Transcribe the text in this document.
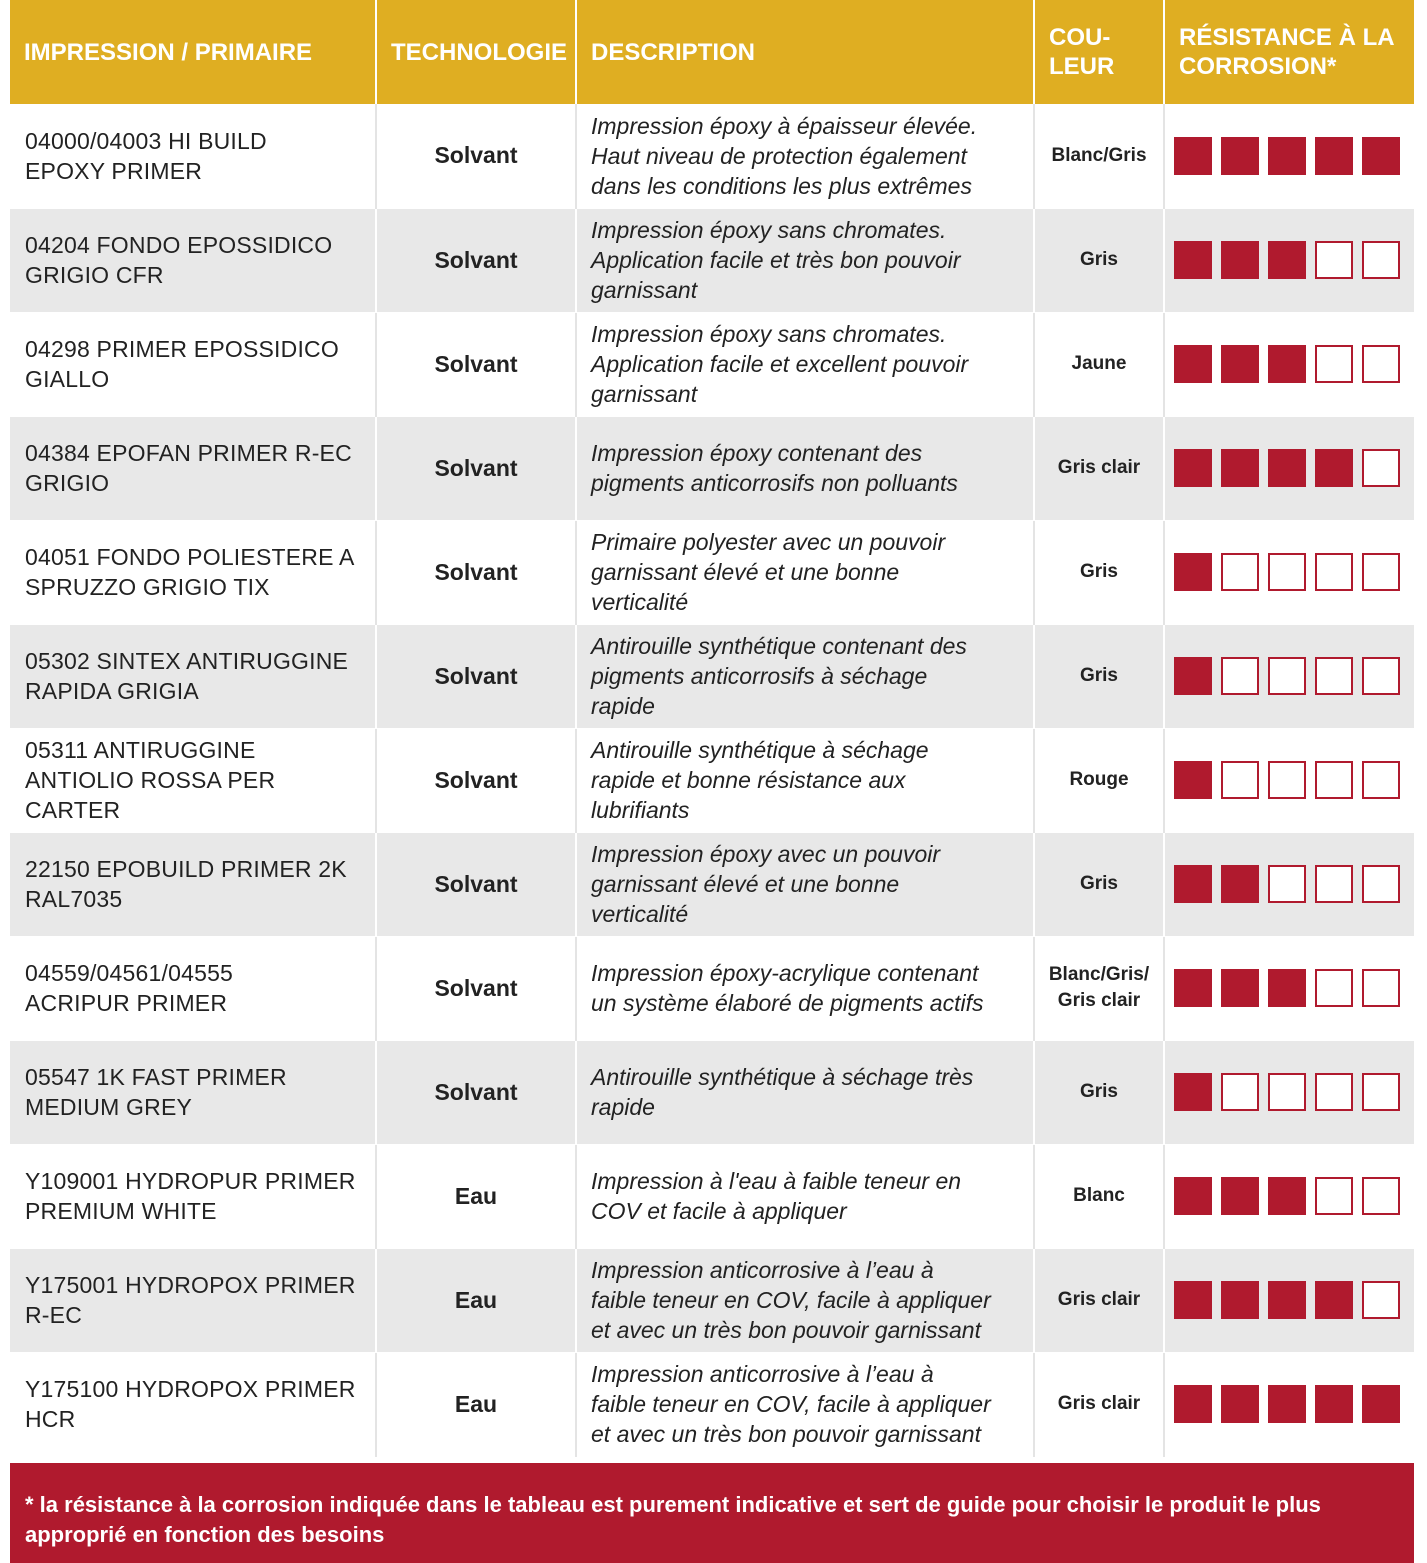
IMPRESSION / PRIMAIRE	TECHNOLOGIE	DESCRIPTION	COU-
LEUR	RÉSISTANCE À LA
CORROSION*
04000/04003 HI BUILD
EPOXY PRIMER	Solvant	Impression époxy à épaisseur élevée.
Haut niveau de protection également
dans les conditions les plus extrêmes	Blanc/Gris	

04204 FONDO EPOSSIDICO
GRIGIO CFR	Solvant	Impression époxy sans chromates.
Application facile et très bon pouvoir
garnissant	Gris	

04298 PRIMER EPOSSIDICO
GIALLO	Solvant	Impression époxy sans chromates.
Application facile et excellent pouvoir
garnissant	Jaune	

04384 EPOFAN PRIMER R-EC
GRIGIO	Solvant	Impression époxy contenant des
pigments anticorrosifs non polluants	Gris clair	

04051 FONDO POLIESTERE A
SPRUZZO GRIGIO TIX	Solvant	Primaire polyester avec un pouvoir
garnissant élevé et une bonne
verticalité	Gris	

05302 SINTEX ANTIRUGGINE
RAPIDA GRIGIA	Solvant	Antirouille synthétique contenant des
pigments anticorrosifs à séchage
rapide	Gris	

05311 ANTIRUGGINE
ANTIOLIO ROSSA PER
CARTER	Solvant	Antirouille synthétique à séchage
rapide et bonne résistance aux
lubrifiants	Rouge	

22150 EPOBUILD PRIMER 2K
RAL7035	Solvant	Impression époxy avec un pouvoir
garnissant élevé et une bonne
verticalité	Gris	

04559/04561/04555
ACRIPUR PRIMER	Solvant	Impression époxy-acrylique contenant
un système élaboré de pigments actifs	Blanc/Gris/
Gris clair	

05547 1K FAST PRIMER
MEDIUM GREY	Solvant	Antirouille synthétique à séchage très
rapide	Gris	

Y109001 HYDROPUR PRIMER
PREMIUM WHITE	Eau	Impression à l'eau à faible teneur en
COV et facile à appliquer	Blanc	

Y175001 HYDROPOX PRIMER
R-EC	Eau	Impression anticorrosive à l’eau à
faible teneur en COV, facile à appliquer
et avec un très bon pouvoir garnissant	Gris clair	

Y175100 HYDROPOX PRIMER
HCR	Eau	Impression anticorrosive à l’eau à
faible teneur en COV, facile à appliquer
et avec un très bon pouvoir garnissant	Gris clair	
* la résistance à la corrosion indiquée dans le tableau est purement indicative et sert de guide pour choisir le produit le plus approprié en fonction des besoins
